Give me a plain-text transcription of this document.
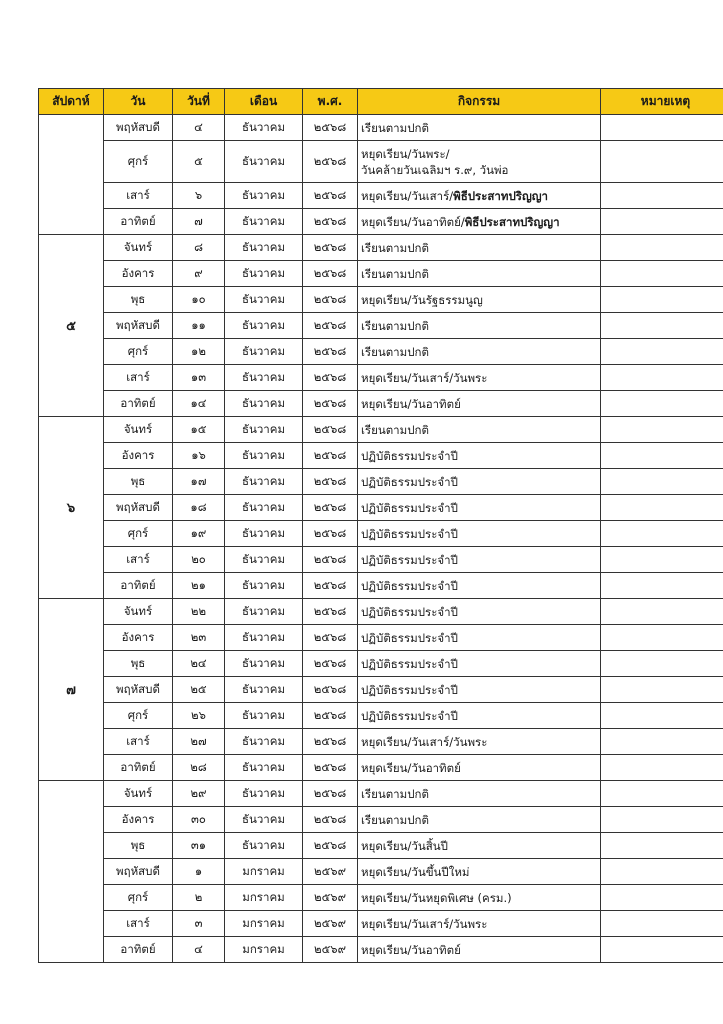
สัปดาห์	วัน	วันที่	เดือน	พ.ศ.	กิจกรรม	หมายเหตุ
	พฤหัสบดี	๔	ธันวาคม	๒๕๖๘	เรียนตามปกติ	
	ศุกร์	๕	ธันวาคม	๒๕๖๘	หยุดเรียน/วันพระ/
วันคล้ายวันเฉลิมฯ ร.๙, วันพ่อ	
	เสาร์	๖	ธันวาคม	๒๕๖๘	หยุดเรียน/วันเสาร์/พิธีประสาทปริญญา	
	อาทิตย์	๗	ธันวาคม	๒๕๖๘	หยุดเรียน/วันอาทิตย์/พิธีประสาทปริญญา	
๕	จันทร์	๘	ธันวาคม	๒๕๖๘	เรียนตามปกติ	
	อังคาร	๙	ธันวาคม	๒๕๖๘	เรียนตามปกติ	
	พุธ	๑๐	ธันวาคม	๒๕๖๘	หยุดเรียน/วันรัฐธรรมนูญ	
	พฤหัสบดี	๑๑	ธันวาคม	๒๕๖๘	เรียนตามปกติ	
	ศุกร์	๑๒	ธันวาคม	๒๕๖๘	เรียนตามปกติ	
	เสาร์	๑๓	ธันวาคม	๒๕๖๘	หยุดเรียน/วันเสาร์/วันพระ	
	อาทิตย์	๑๔	ธันวาคม	๒๕๖๘	หยุดเรียน/วันอาทิตย์	
๖	จันทร์	๑๕	ธันวาคม	๒๕๖๘	เรียนตามปกติ	
	อังคาร	๑๖	ธันวาคม	๒๕๖๘	ปฏิบัติธรรมประจำปี	
	พุธ	๑๗	ธันวาคม	๒๕๖๘	ปฏิบัติธรรมประจำปี	
	พฤหัสบดี	๑๘	ธันวาคม	๒๕๖๘	ปฏิบัติธรรมประจำปี	
	ศุกร์	๑๙	ธันวาคม	๒๕๖๘	ปฏิบัติธรรมประจำปี	
	เสาร์	๒๐	ธันวาคม	๒๕๖๘	ปฏิบัติธรรมประจำปี	
	อาทิตย์	๒๑	ธันวาคม	๒๕๖๘	ปฏิบัติธรรมประจำปี	
๗	จันทร์	๒๒	ธันวาคม	๒๕๖๘	ปฏิบัติธรรมประจำปี	
	อังคาร	๒๓	ธันวาคม	๒๕๖๘	ปฏิบัติธรรมประจำปี	
	พุธ	๒๔	ธันวาคม	๒๕๖๘	ปฏิบัติธรรมประจำปี	
	พฤหัสบดี	๒๕	ธันวาคม	๒๕๖๘	ปฏิบัติธรรมประจำปี	
	ศุกร์	๒๖	ธันวาคม	๒๕๖๘	ปฏิบัติธรรมประจำปี	
	เสาร์	๒๗	ธันวาคม	๒๕๖๘	หยุดเรียน/วันเสาร์/วันพระ	
	อาทิตย์	๒๘	ธันวาคม	๒๕๖๘	หยุดเรียน/วันอาทิตย์	
	จันทร์	๒๙	ธันวาคม	๒๕๖๘	เรียนตามปกติ	
	อังคาร	๓๐	ธันวาคม	๒๕๖๘	เรียนตามปกติ	
	พุธ	๓๑	ธันวาคม	๒๕๖๘	หยุดเรียน/วันสิ้นปี	
	พฤหัสบดี	๑	มกราคม	๒๕๖๙	หยุดเรียน/วันขึ้นปีใหม่	
	ศุกร์	๒	มกราคม	๒๕๖๙	หยุดเรียน/วันหยุดพิเศษ (ครม.)	
	เสาร์	๓	มกราคม	๒๕๖๙	หยุดเรียน/วันเสาร์/วันพระ	
	อาทิตย์	๔	มกราคม	๒๕๖๙	หยุดเรียน/วันอาทิตย์	
